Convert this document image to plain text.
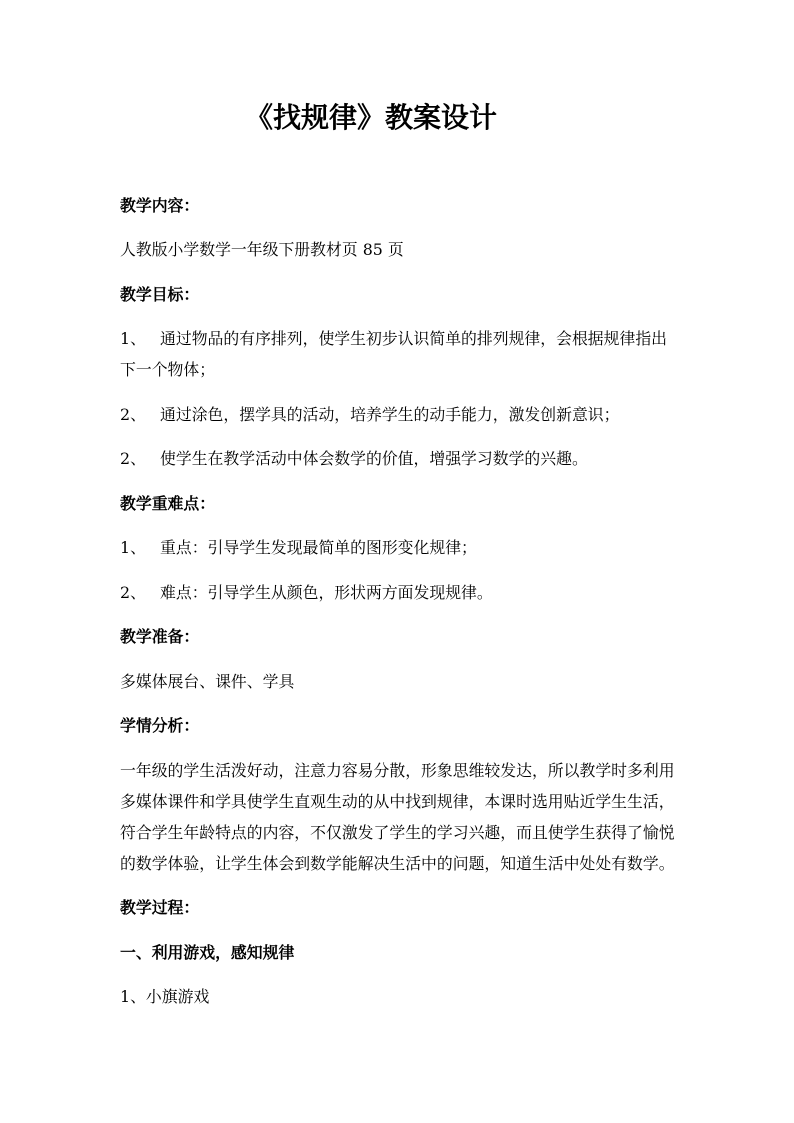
《找规律》教案设计
教学内容：
人教版小学数学一年级下册教材页 85 页
教学目标：
1、 通过物品的有序排列，使学生初步认识简单的排列规律，会根据规律指出
下一个物体；
2、 通过涂色，摆学具的活动，培养学生的动手能力，激发创新意识；
2、 使学生在教学活动中体会数学的价值，增强学习数学的兴趣。
教学重难点：
1、 重点：引导学生发现最简单的图形变化规律；
2、 难点：引导学生从颜色，形状两方面发现规律。
教学准备：
多媒体展台、课件、学具
学情分析：
一年级的学生活泼好动，注意力容易分散，形象思维较发达，所以教学时多利用
多媒体课件和学具使学生直观生动的从中找到规律，本课时选用贴近学生生活，
符合学生年龄特点的内容，不仅激发了学生的学习兴趣，而且使学生获得了愉悦
的数学体验，让学生体会到数学能解决生活中的问题，知道生活中处处有数学。
教学过程：
一、利用游戏，感知规律
1、小旗游戏
